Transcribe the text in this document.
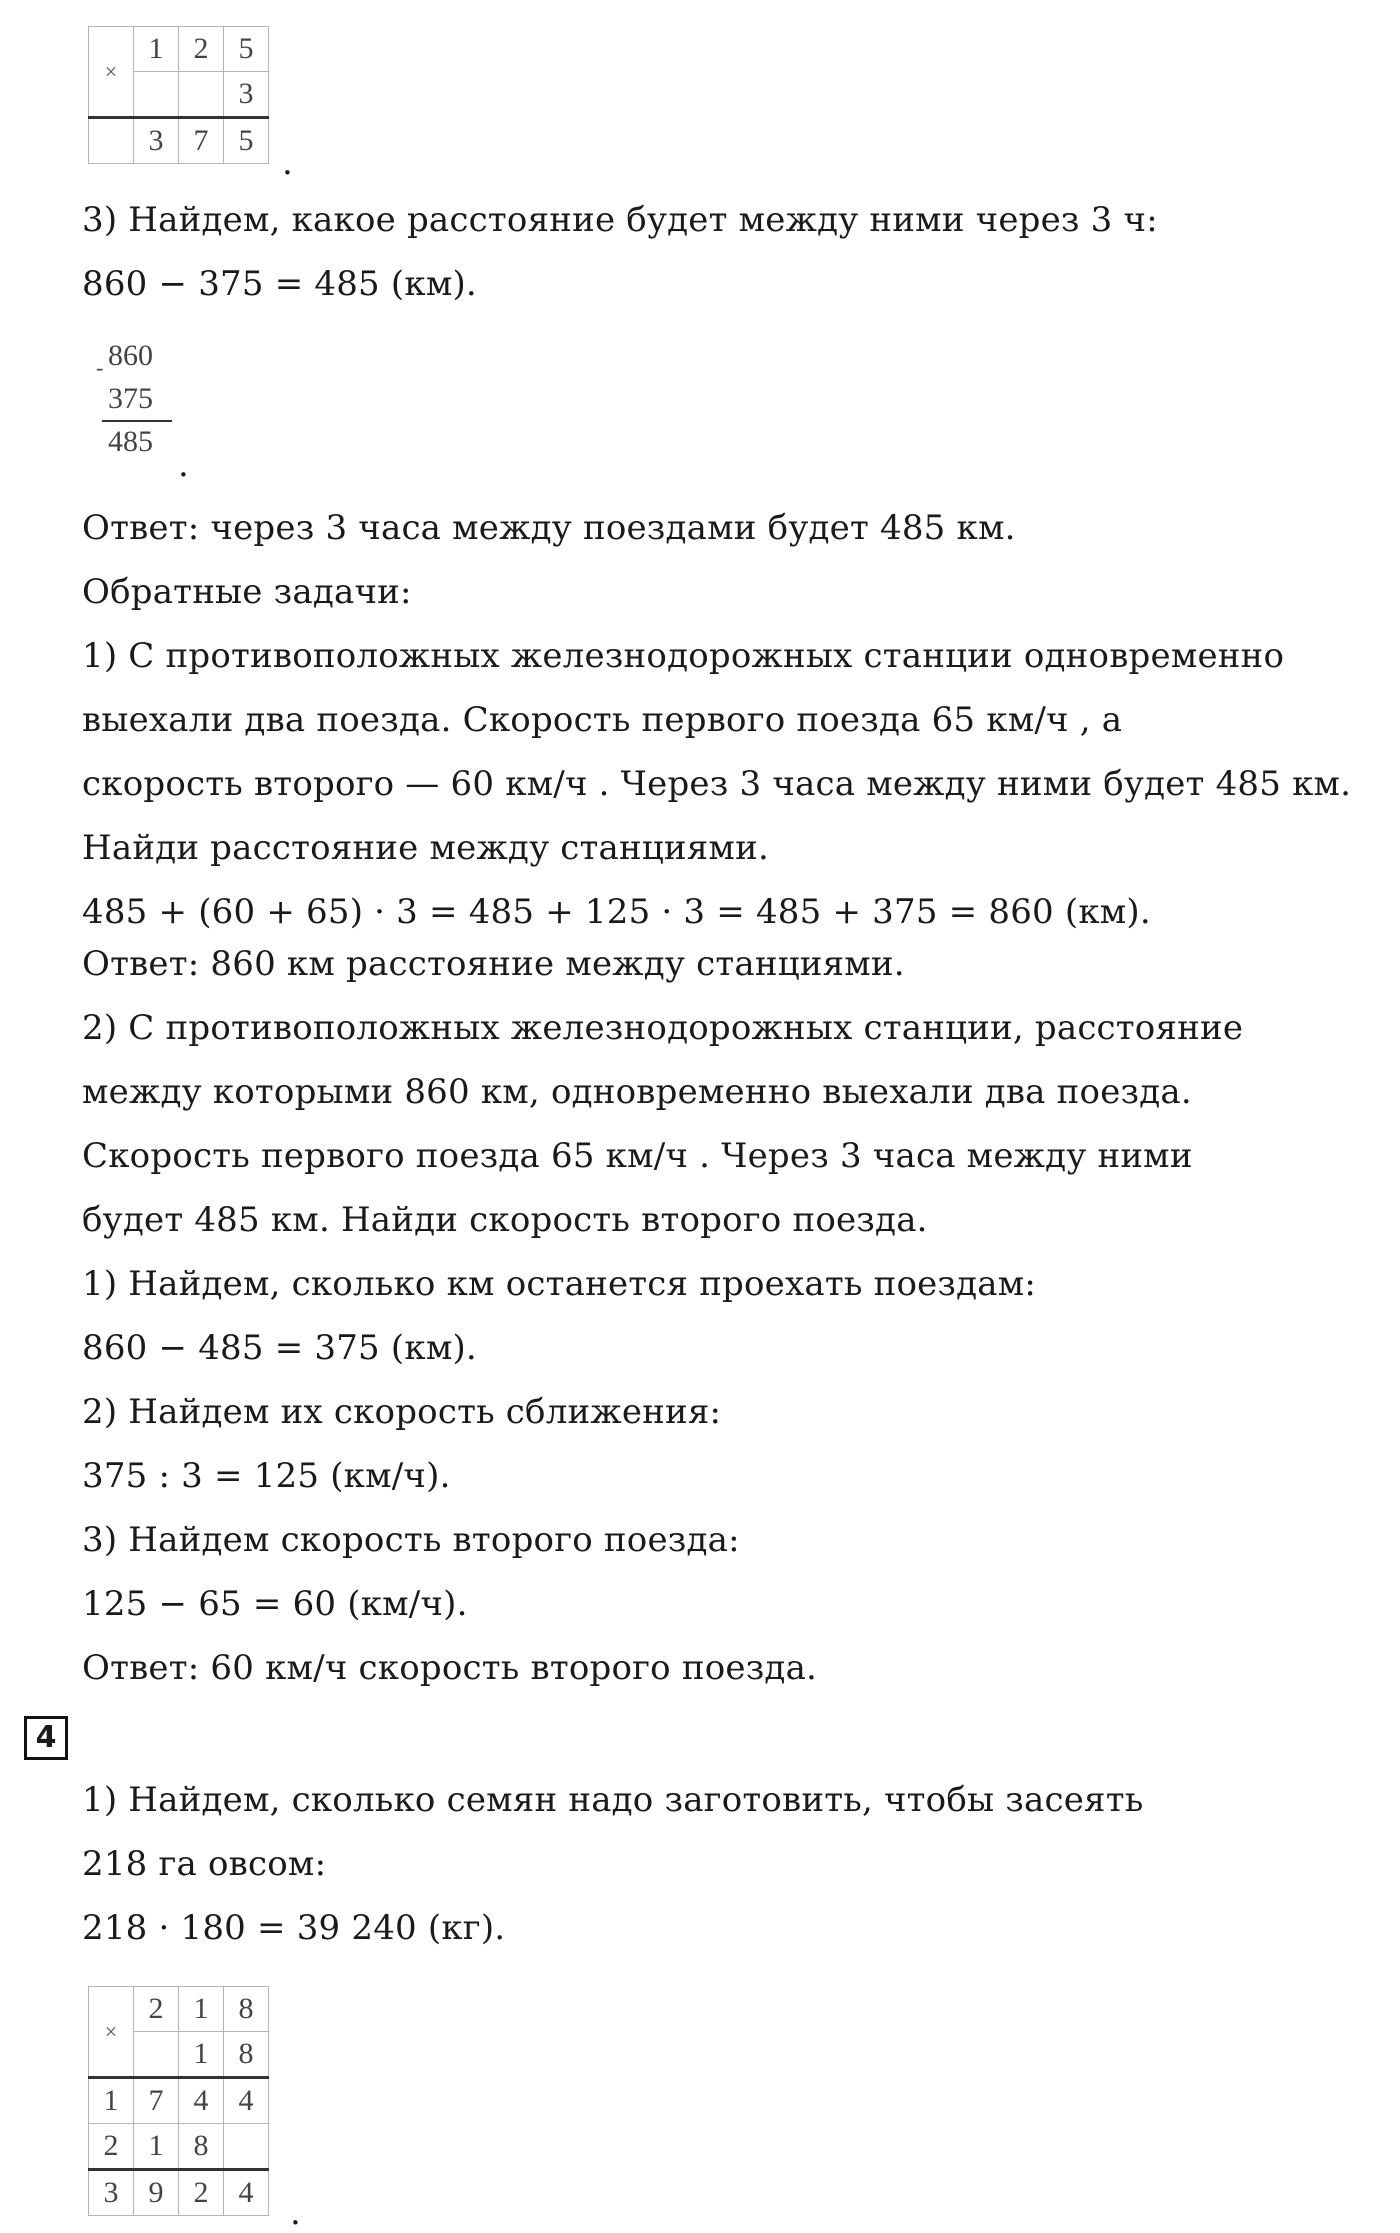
×	1	2	5
			3
	3	7	5
.
3) Найдем, какое расстояние будет между ними через 3 ч:
860 − 375 = 485 (км).
- 860
375
485
.
Ответ: через 3 часа между поездами будет 485 км.
Обратные задачи:
1) С противоположных железнодорожных станции одновременно
выехали два поезда. Скорость первого поезда 65 км/ч , а
скорость второго — 60 км/ч . Через 3 часа между ними будет 485 км.
Найди расстояние между станциями.
485 + (60 + 65) · 3 = 485 + 125 · 3 = 485 + 375 = 860 (км).
Ответ: 860 км расстояние между станциями.
2) С противоположных железнодорожных станции, расстояние
между которыми 860 км, одновременно выехали два поезда.
Скорость первого поезда 65 км/ч . Через 3 часа между ними
будет 485 км. Найди скорость второго поезда.
1) Найдем, сколько км останется проехать поездам:
860 − 485 = 375 (км).
2) Найдем их скорость сближения:
375 : 3 = 125 (км/ч).
3) Найдем скорость второго поезда:
125 − 65 = 60 (км/ч).
Ответ: 60 км/ч скорость второго поезда.
4
1) Найдем, сколько семян надо заготовить, чтобы засеять
218 га овсом:
218 · 180 = 39 240 (кг).
×	2	1	8
		1	8
1	7	4	4
2	1	8	
3	9	2	4
.
